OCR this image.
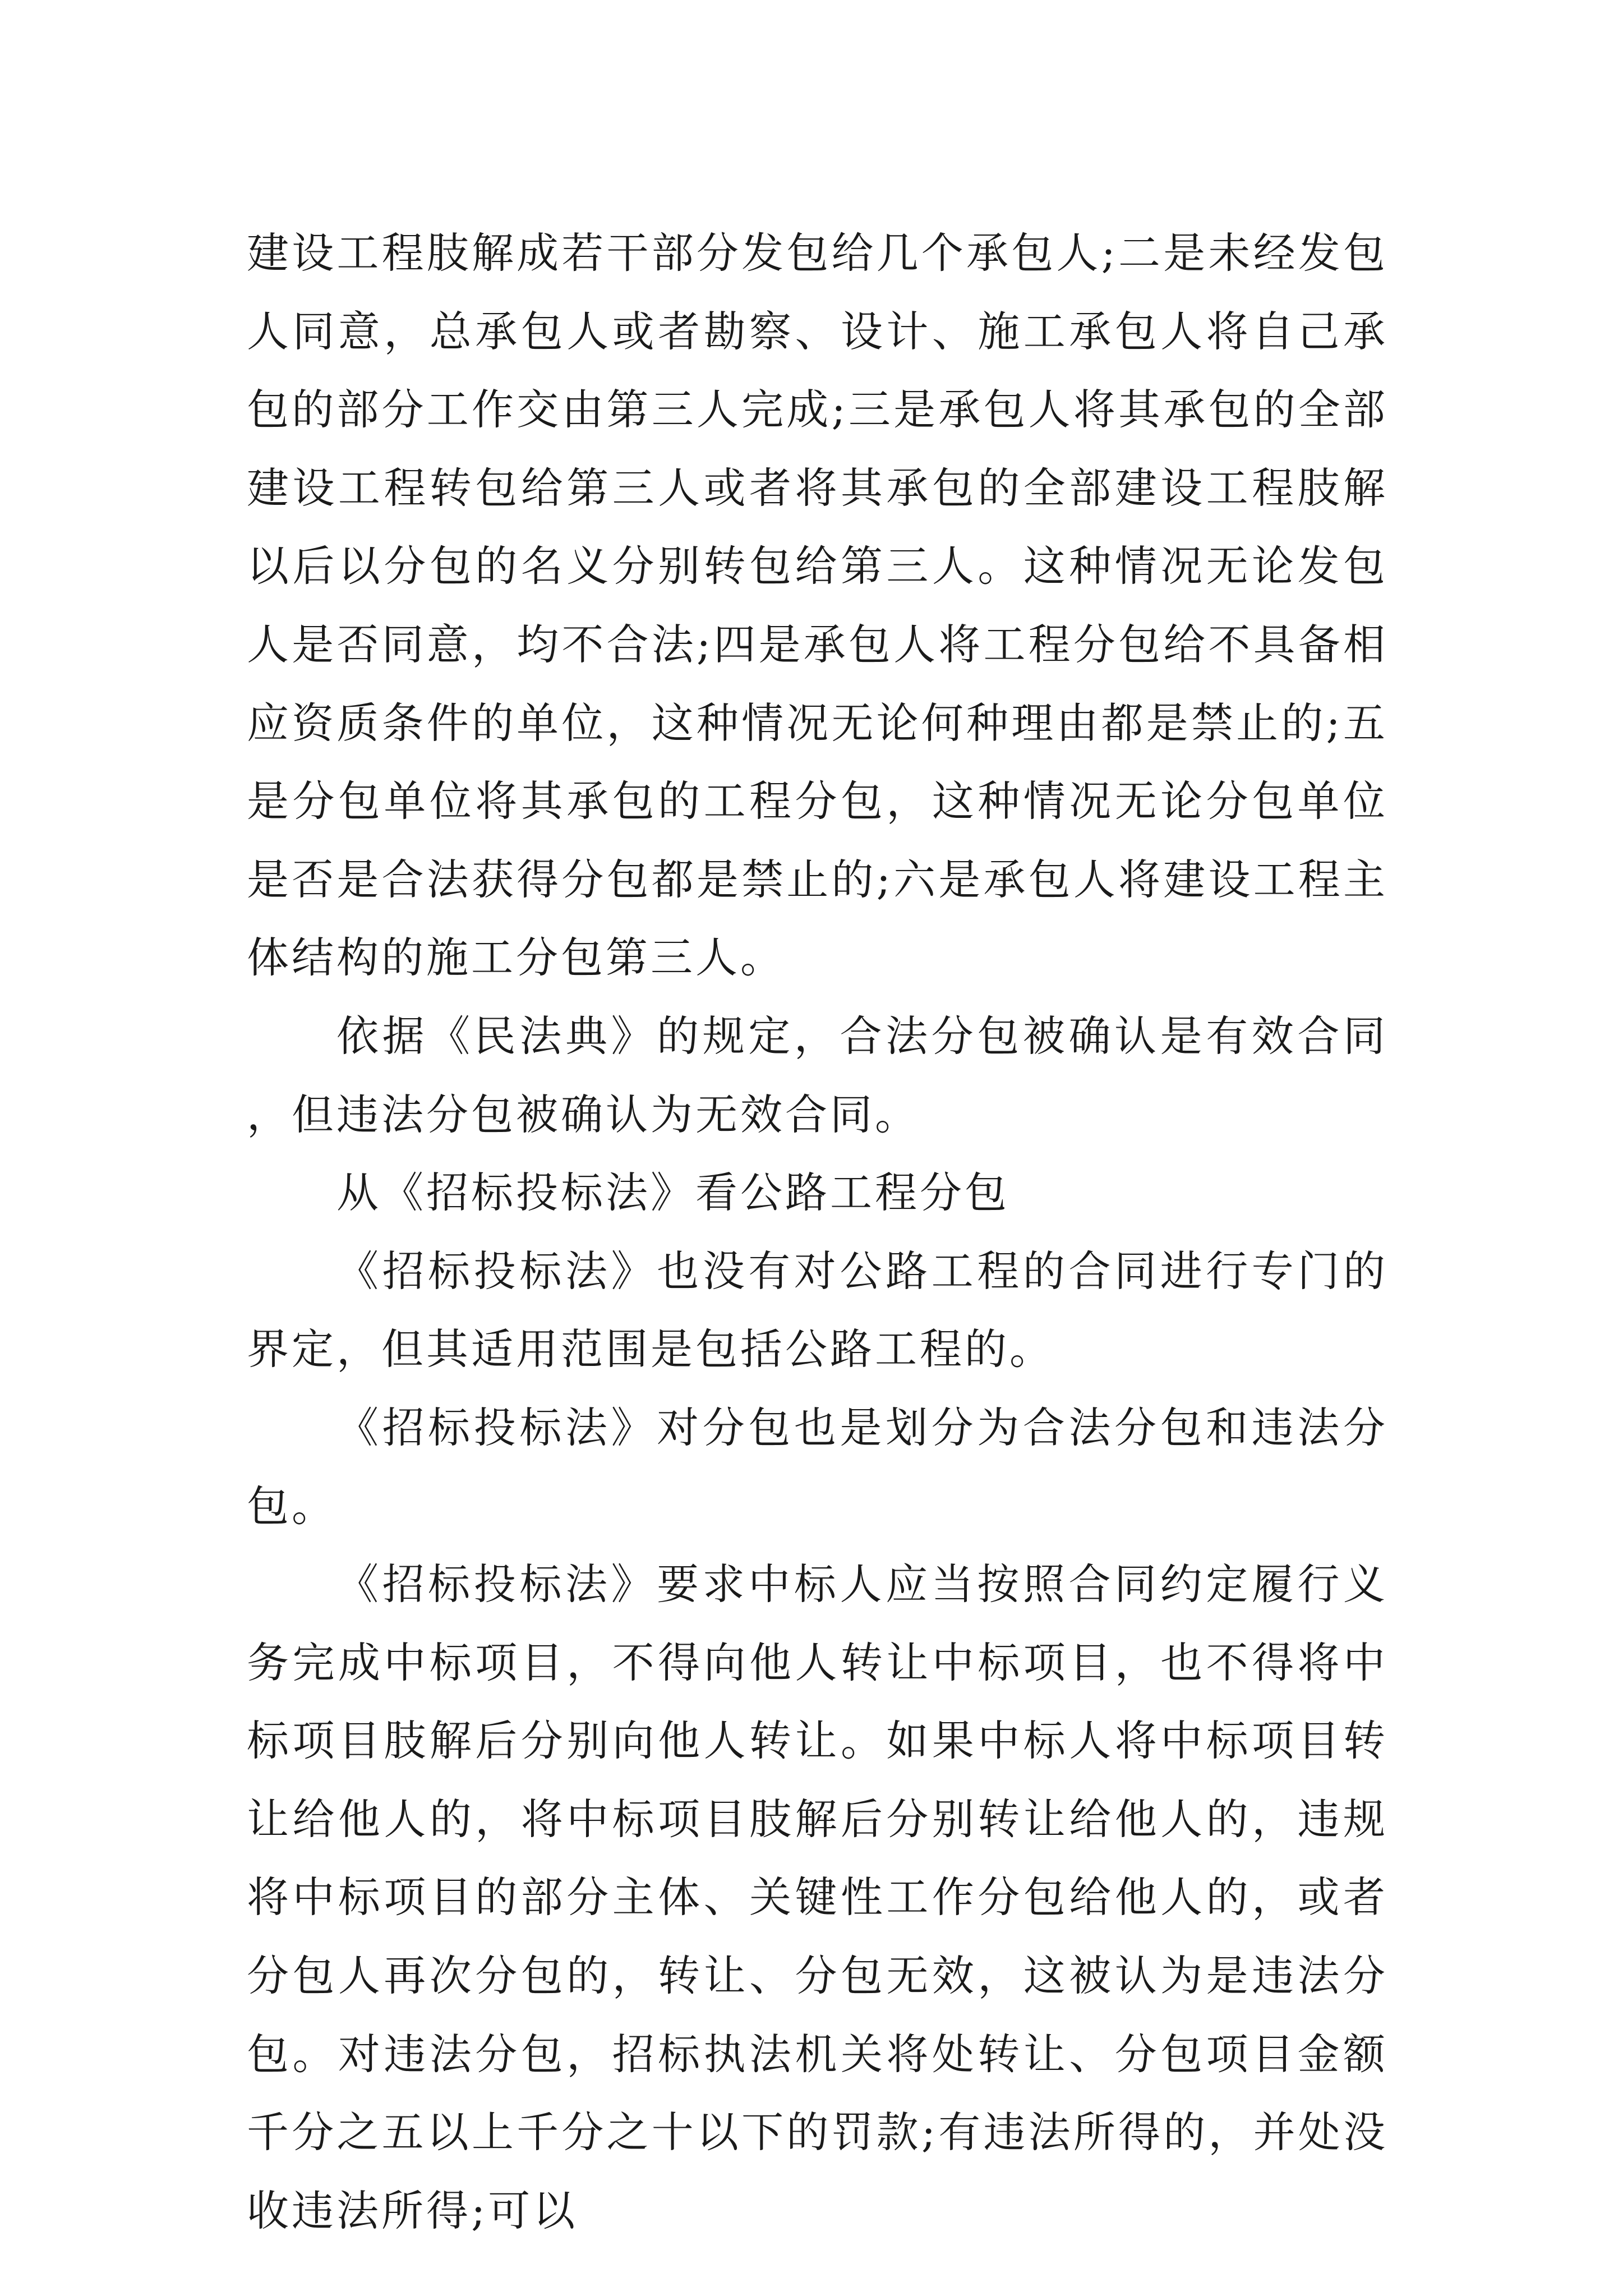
建设工程肢解成若干部分发包给几个承包人;二是未经发包人同意，总承包人或者勘察、设计、施工承包人将自己承包的部分工作交由第三人完成;三是承包人将其承包的全部建设工程转包给第三人或者将其承包的全部建设工程肢解以后以分包的名义分别转包给第三人。这种情况无论发包人是否同意，均不合法;四是承包人将工程分包给不具备相应资质条件的单位，这种情况无论何种理由都是禁止的;五是分包单位将其承包的工程分包，这种情况无论分包单位是否是合法获得分包都是禁止的;六是承包人将建设工程主体结构的施工分包第三人。

依据《民法典》的规定，合法分包被确认是有效合同，但违法分包被确认为无效合同。

从《招标投标法》看公路工程分包

《招标投标法》也没有对公路工程的合同进行专门的界定，但其适用范围是包括公路工程的。

《招标投标法》对分包也是划分为合法分包和违法分包。

《招标投标法》要求中标人应当按照合同约定履行义务完成中标项目，不得向他人转让中标项目，也不得将中标项目肢解后分别向他人转让。如果中标人将中标项目转让给他人的，将中标项目肢解后分别转让给他人的，违规将中标项目的部分主体、关键性工作分包给他人的，或者分包人再次分包的，转让、分包无效，这被认为是违法分包。对违法分包，招标执法机关将处转让、分包项目金额千分之五以上千分之十以下的罚款;有违法所得的，并处没收违法所得;可以
